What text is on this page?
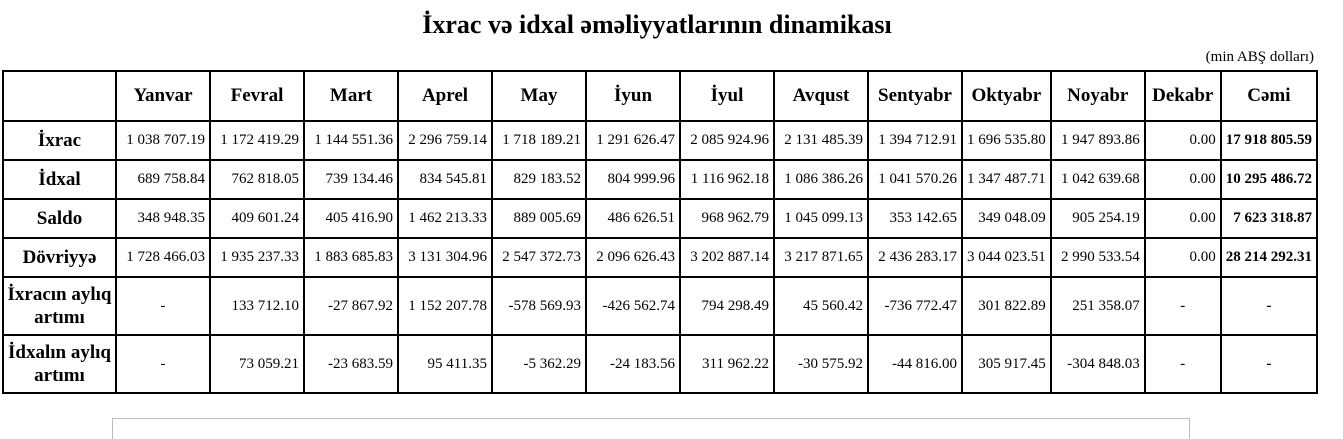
İxrac və idxal əməliyyatlarının dinamikası
(min ABŞ dolları)
	Yanvar	Fevral	Mart	Aprel	May	İyun	İyul	Avqust	Sentyabr	Oktyabr	Noyabr	Dekabr	Cəmi
İxrac	1 038 707.19	1 172 419.29	1 144 551.36	2 296 759.14	1 718 189.21	1 291 626.47	2 085 924.96	2 131 485.39	1 394 712.91	1 696 535.80	1 947 893.86	0.00	17 918 805.59
İdxal	689 758.84	762 818.05	739 134.46	834 545.81	829 183.52	804 999.96	1 116 962.18	1 086 386.26	1 041 570.26	1 347 487.71	1 042 639.68	0.00	10 295 486.72
Saldo	348 948.35	409 601.24	405 416.90	1 462 213.33	889 005.69	486 626.51	968 962.79	1 045 099.13	353 142.65	349 048.09	905 254.19	0.00	7 623 318.87
Dövriyyə	1 728 466.03	1 935 237.33	1 883 685.83	3 131 304.96	2 547 372.73	2 096 626.43	3 202 887.14	3 217 871.65	2 436 283.17	3 044 023.51	2 990 533.54	0.00	28 214 292.31
İxracın aylıq artımı	-	133 712.10	-27 867.92	1 152 207.78	-578 569.93	-426 562.74	794 298.49	45 560.42	-736 772.47	301 822.89	251 358.07	-	-
İdxalın aylıq artımı	-	73 059.21	-23 683.59	95 411.35	-5 362.29	-24 183.56	311 962.22	-30 575.92	-44 816.00	305 917.45	-304 848.03	-	-
